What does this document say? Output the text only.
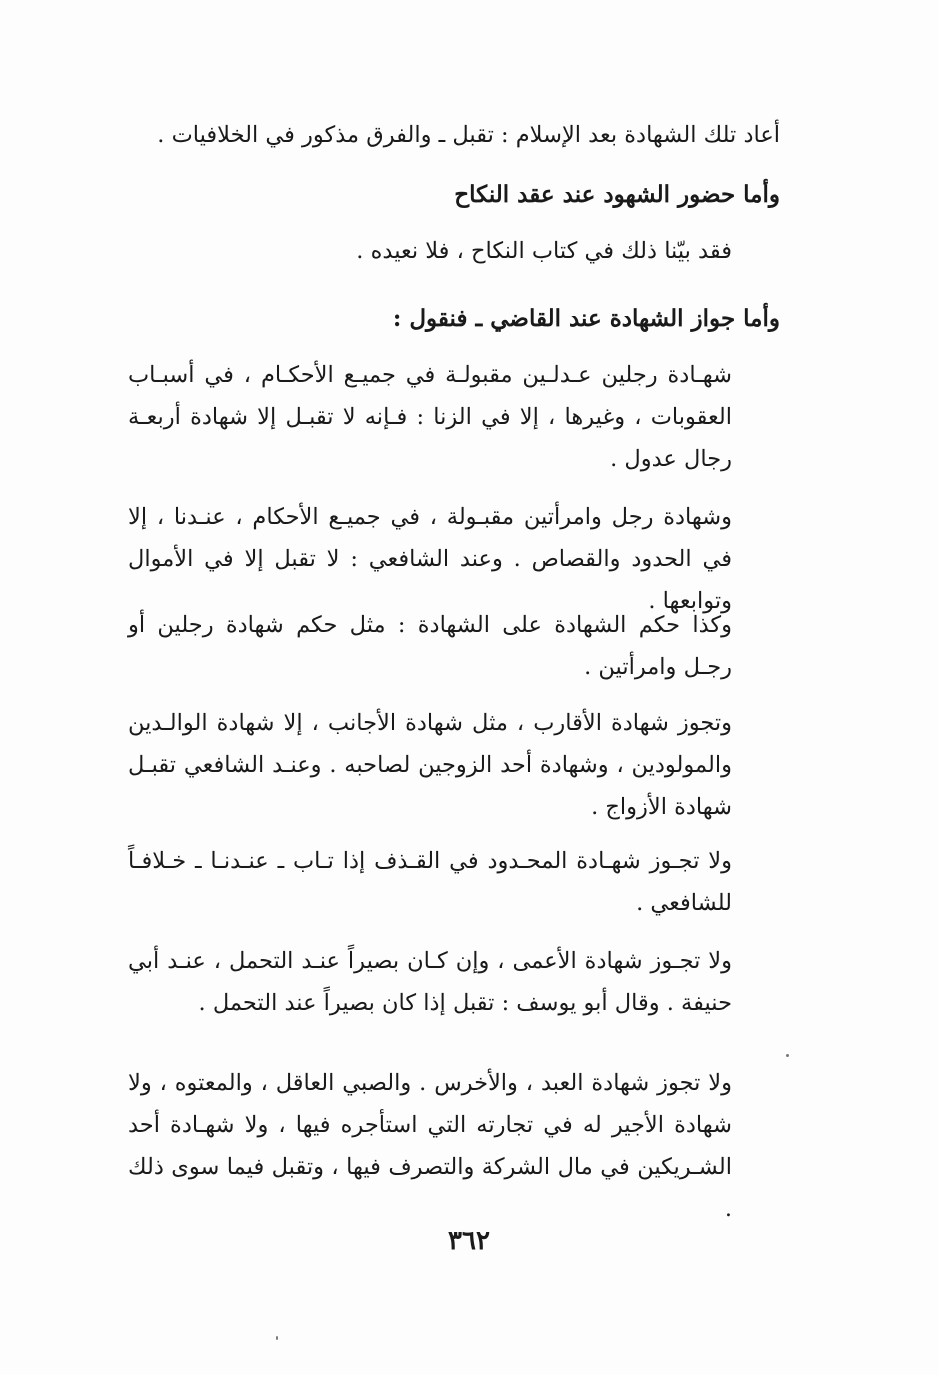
أعاد تلك الشهادة بعد الإسلام : تقبل ـ والفرق مذكور في الخلافيات .

وأما حضور الشهود عند عقد النكاح

فقد بيّنا ذلك في كتاب النكاح ، فلا نعيده .

وأما جواز الشهادة عند القاضي ـ فنقول :

شهـادة رجلين عـدلـين مقبولـة في جميـع الأحكـام ، في أسبـاب العقوبات ، وغيرها ، إلا في الزنا : فـإنه لا تقبـل إلا شهادة أربعـة رجال عدول .

وشهادة رجل وامرأتين مقبـولة ، في جميـع الأحكام ، عنـدنا ، إلا في الحدود والقصاص . وعند الشافعي : لا تقبل إلا في الأموال وتوابعها .

وكذا حكم الشهادة على الشهادة : مثل حكم شهادة رجلين أو رجـل وامرأتين .

وتجوز شهادة الأقارب ، مثل شهادة الأجانب ، إلا شهادة الوالـدين والمولودين ، وشهادة أحد الزوجين لصاحبه . وعنـد الشافعي تقبـل شهادة الأزواج .

ولا تجـوز شهـادة المحـدود في القـذف إذا تـاب ـ عنـدنـا ـ خـلافـاً للشافعي .

ولا تجـوز شهادة الأعمى ، وإن كـان بصيراً عنـد التحمل ، عنـد أبي حنيفة . وقال أبو يوسف : تقبل إذا كان بصيراً عند التحمل .

ولا تجوز شهادة العبد ، والأخرس . والصبي العاقل ، والمعتوه ، ولا شهادة الأجير له في تجارته التي استأجره فيها ، ولا شهـادة أحد الشـريكين في مال الشركة والتصرف فيها ، وتقبل فيما سوى ذلك .

٣٦٢
